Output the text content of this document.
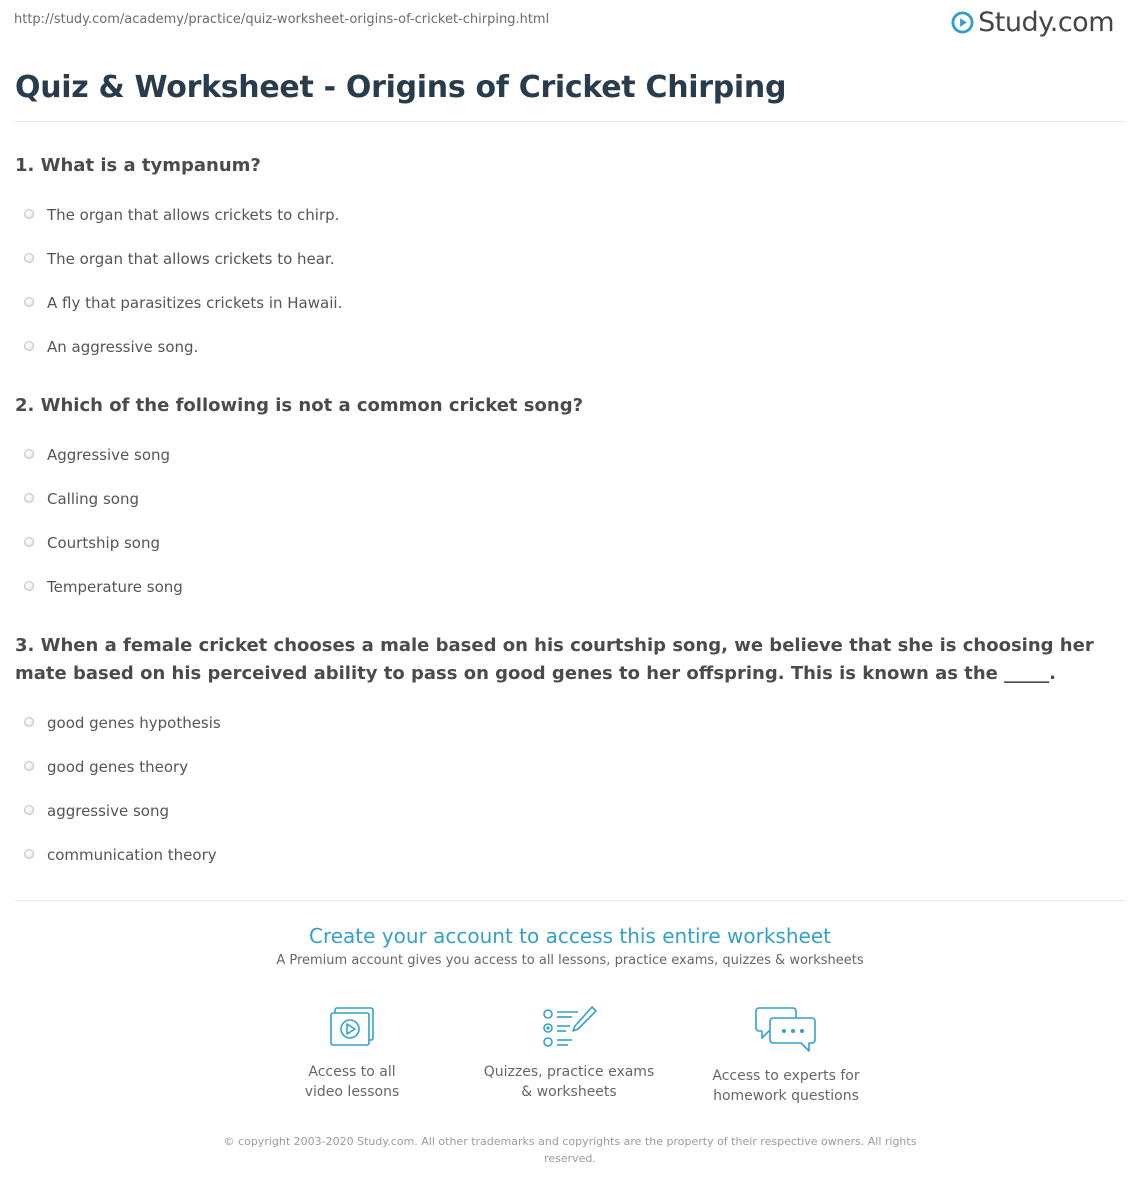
http://study.com/academy/practice/quiz-worksheet-origins-of-cricket-chirping.html	Study.com
Quiz & Worksheet - Origins of Cricket Chirping

1. What is a tympanum?

The organ that allows crickets to chirp.
The organ that allows crickets to hear.
A fly that parasitizes crickets in Hawaii.
An aggressive song.

2. Which of the following is not a common cricket song?

Aggressive song
Calling song
Courtship song
Temperature song

3. When a female cricket chooses a male based on his courtship song, we believe that she is choosing her mate based on his perceived ability to pass on good genes to her offspring. This is known as the _____.

good genes hypothesis
good genes theory
aggressive song
communication theory

Create your account to access this entire worksheet

A Premium account gives you access to all lessons, practice exams, quizzes & worksheets

Access to all
video lessons
Quizzes, practice exams
& worksheets
Access to experts for
homework questions
© copyright 2003-2020 Study.com. All other trademarks and copyrights are the property of their respective owners. All rights reserved.
